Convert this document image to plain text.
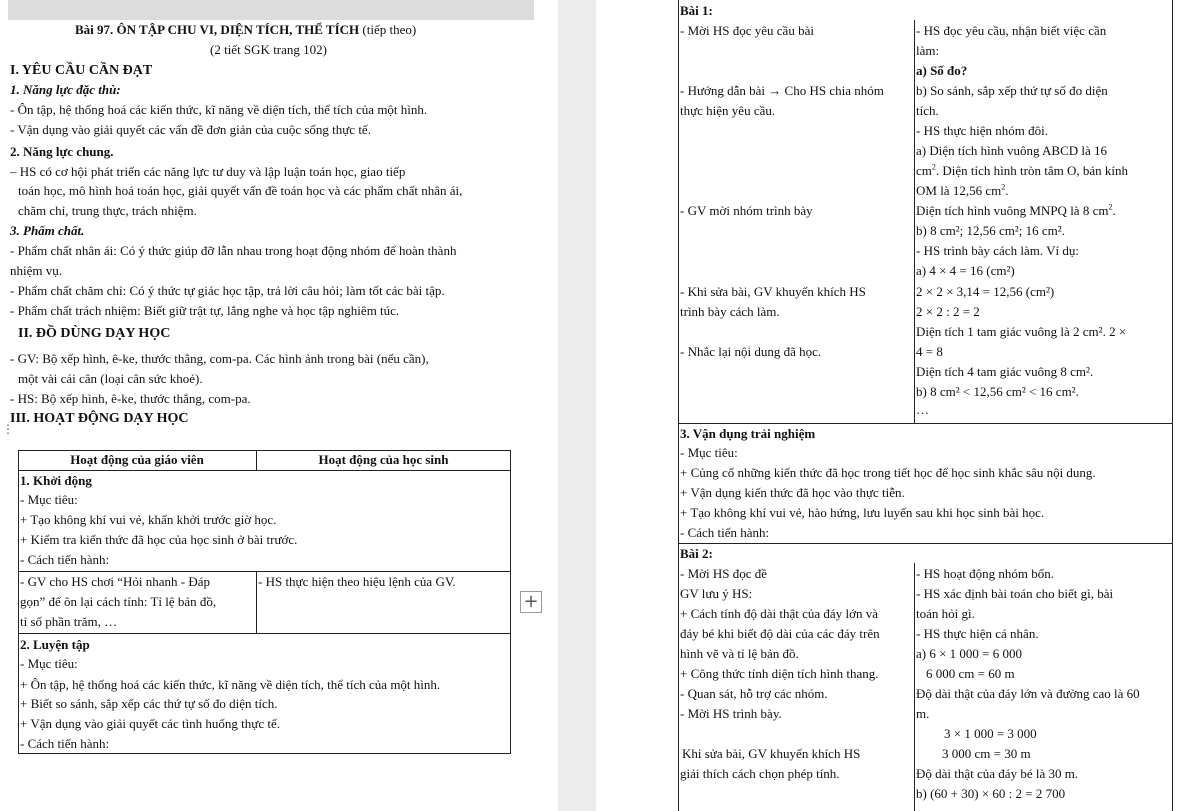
Bài 97. ÔN TẬP CHU VI, DIỆN TÍCH, THỂ TÍCH (tiếp theo)
(2 tiết SGK trang 102)
I. YÊU CẦU CẦN ĐẠT
1. Năng lực đặc thù:
- Ôn tập, hệ thống hoá các kiến thức, kĩ năng về diện tích, thể tích của một hình.
- Vận dụng vào giải quyết các vấn đề đơn giản của cuộc sống thực tế.
2. Năng lực chung.
– HS có cơ hội phát triển các năng lực tư duy và lập luận toán học, giao tiếp
toán học, mô hình hoá toán học, giải quyết vấn đề toán học và các phẩm chất nhân ái,
chăm chỉ, trung thực, trách nhiệm.
3. Phẩm chất.
- Phẩm chất nhân ái: Có ý thức giúp đỡ lẫn nhau trong hoạt động nhóm để hoàn thành
nhiệm vụ.
- Phẩm chất chăm chỉ: Có ý thức tự giác học tập, trả lời câu hỏi; làm tốt các bài tập.
- Phẩm chất trách nhiệm: Biết giữ trật tự, lắng nghe và học tập nghiêm túc.
II. ĐỒ DÙNG DẠY HỌC
- GV: Bộ xếp hình, ê-ke, thước thẳng, com-pa. Các hình ảnh trong bài (nếu cần),
một vài cái cân (loại cân sức khoẻ).
- HS: Bộ xếp hình, ê-ke, thước thẳng, com-pa.
III. HOẠT ĐỘNG DẠY HỌC
Hoạt động của giáo viên	Hoạt động của học sinh
1. Khởi động
- Mục tiêu:
+ Tạo không khí vui vẻ, khấn khởi trước giờ học.
+ Kiểm tra kiến thức đã học của học sinh ở bài trước.
- Cách tiến hành:
- GV cho HS chơi “Hỏi nhanh - Đáp
gọn” để ôn lại cách tính: Tỉ lệ bản đồ,
tỉ số phần trăm, …
- HS thực hiện theo hiệu lệnh của GV.
2. Luyện tập
- Mục tiêu:
+ Ôn tập, hệ thống hoá các kiến thức, kĩ năng về diện tích, thể tích của một hình.
+ Biết so sánh, sắp xếp các thứ tự số đo diện tích.
+ Vận dụng vào giải quyết các tình huống thực tế.
- Cách tiến hành:
⋮
+
Bài 1:
- Mời HS đọc yêu cầu bài
- Hướng dẫn bài → Cho HS chia nhóm
thực hiện yêu cầu.
- GV mời nhóm trình bày
- Khi sửa bài, GV khuyến khích HS
trình bày cách làm.
- Nhắc lại nội dung đã học.
- HS đọc yêu cầu, nhận biết việc cần
làm:
a) Số đo?
b) So sánh, sắp xếp thứ tự số đo diện
tích.
- HS thực hiện nhóm đôi.
a) Diện tích hình vuông ABCD là 16
$cm^2$. Diện tích hình tròn tâm O, bán kính
OM là 12,56 $cm^2$.
Diện tích hình vuông MNPQ là 8 $cm^2$.
b) 8 cm²; 12,56 cm²; 16 cm².
- HS trình bày cách làm. Ví dụ:
a) 4 × 4 = 16 (cm²)
2 × 2 × 3,14 = 12,56 (cm²)
2 × 2 : 2 = 2
Diện tích 1 tam giác vuông là 2 cm². 2 ×
4 = 8
Diện tích 4 tam giác vuông 8 cm².
b) 8 cm² < 12,56 cm² < 16 cm².
…
3. Vận dụng trải nghiệm
- Mục tiêu:
+ Củng cố những kiến thức đã học trong tiết học để học sinh khắc sâu nội dung.
+ Vận dụng kiến thức đã học vào thực tiễn.
+ Tạo không khí vui vẻ, hào hứng, lưu luyến sau khi học sinh bài học.
- Cách tiến hành:
Bài 2:
- Mời HS đọc đề
GV lưu ý HS:
+ Cách tính độ dài thật của đáy lớn và
đáy bé khi biết độ dài của các đáy trên
hình vẽ và tỉ lệ bản đồ.
+ Công thức tính diện tích hình thang.
- Quan sát, hỗ trợ các nhóm.
- Mời HS trình bày.
Khi sửa bài, GV khuyến khích HS
giải thích cách chọn phép tính.
- HS hoạt động nhóm bốn.
- HS xác định bài toán cho biết gì, bài
toán hỏi gì.
- HS thực hiện cá nhân.
a) 6 × 1 000 = 6 000
6 000 cm = 60 m
Độ dài thật của đáy lớn và đường cao là 60
m.
3 × 1 000 = 3 000
3 000 cm = 30 m
Độ dài thật của đáy bé là 30 m.
b) (60 + 30) × 60 : 2 = 2 700
